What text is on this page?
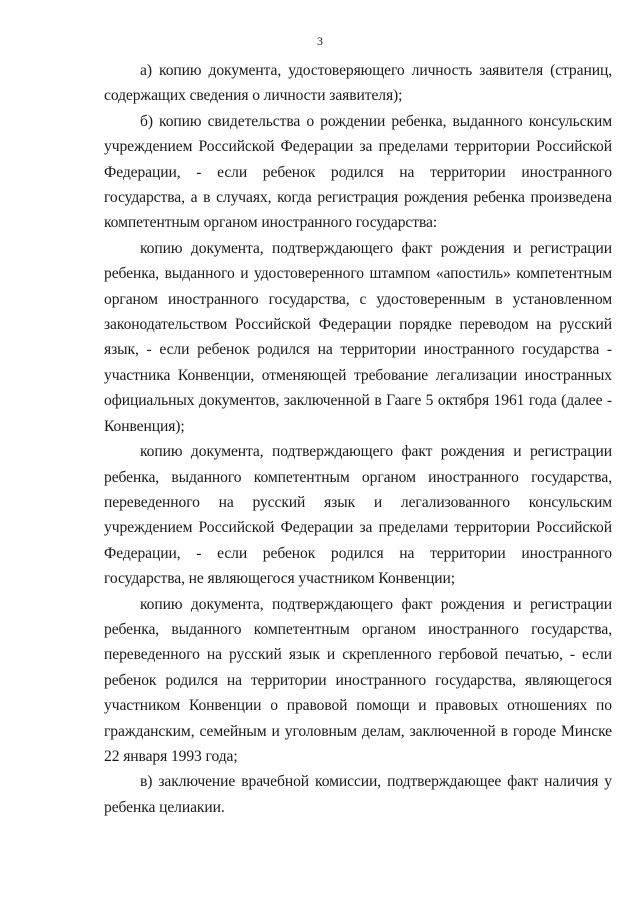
3

а) копию документа, удостоверяющего личность заявителя (страниц, содержащих сведения о личности заявителя);

б) копию свидетельства о рождении ребенка, выданного консульским учреждением Российской Федерации за пределами территории Российской Федерации, - если ребенок родился на территории иностранного государства, а в случаях, когда регистрация рождения ребенка произведена компетентным органом иностранного государства:

копию документа, подтверждающего факт рождения и регистрации ребенка, выданного и удостоверенного штампом «апостиль» компетентным органом иностранного государства, с удостоверенным в установленном законодательством Российской Федерации порядке переводом на русский язык, - если ребенок родился на территории иностранного государства - участника Конвенции, отменяющей требование легализации иностранных официальных документов, заключенной в Гааге 5 октября 1961 года (далее - Конвенция);

копию документа, подтверждающего факт рождения и регистрации ребенка, выданного компетентным органом иностранного государства, переведенного на русский язык и легализованного консульским учреждением Российской Федерации за пределами территории Российской Федерации, - если ребенок родился на территории иностранного государства, не являющегося участником Конвенции;

копию документа, подтверждающего факт рождения и регистрации ребенка, выданного компетентным органом иностранного государства, переведенного на русский язык и скрепленного гербовой печатью, - если ребенок родился на территории иностранного государства, являющегося участником Конвенции о правовой помощи и правовых отношениях по гражданским, семейным и уголовным делам, заключенной в городе Минске 22 января 1993 года;

в) заключение врачебной комиссии, подтверждающее факт наличия у ребенка целиакии.
